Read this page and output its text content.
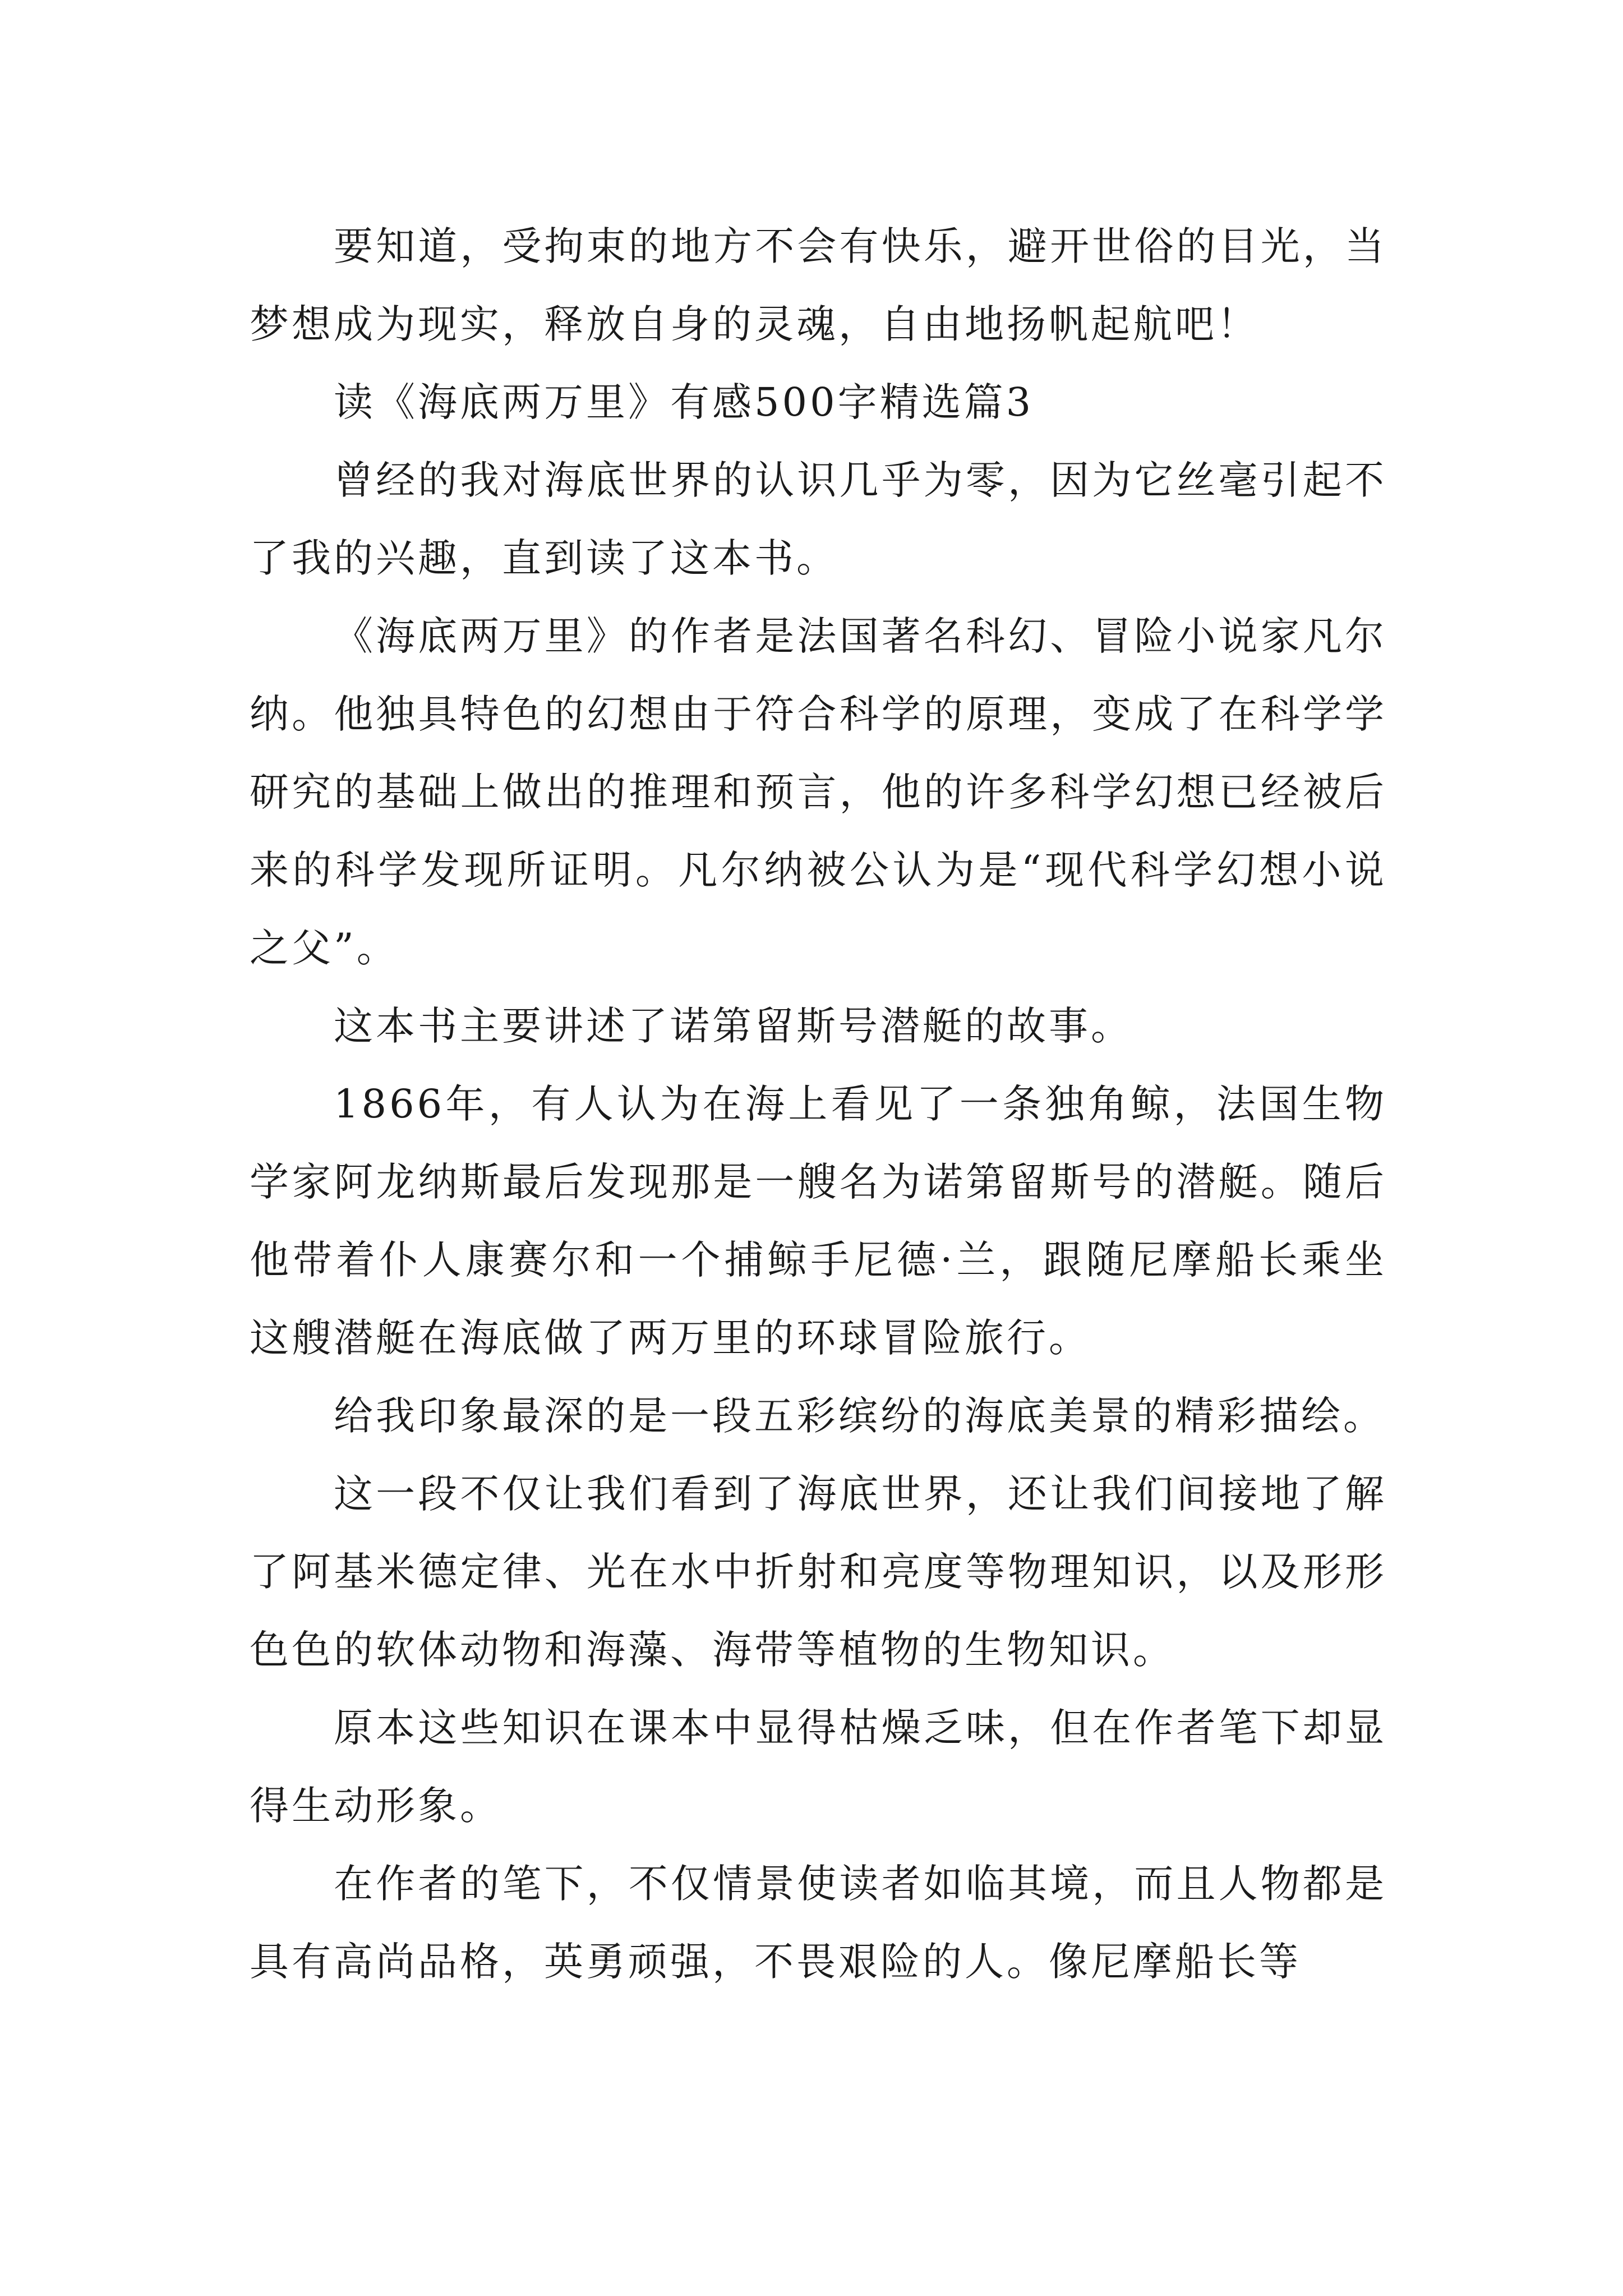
要知道，受拘束的地方不会有快乐，避开世俗的目光，当梦想成为现实，释放自身的灵魂，自由地扬帆起航吧！

读《海底两万里》有感500字精选篇3

曾经的我对海底世界的认识几乎为零，因为它丝毫引起不了我的兴趣，直到读了这本书。

《海底两万里》的作者是法国著名科幻、冒险小说家凡尔纳。他独具特色的幻想由于符合科学的原理，变成了在科学学研究的基础上做出的推理和预言，他的许多科学幻想已经被后来的科学发现所证明。凡尔纳被公认为是“现代科学幻想小说之父”。

这本书主要讲述了诺第留斯号潜艇的故事。

1866年，有人认为在海上看见了一条独角鲸，法国生物学家阿龙纳斯最后发现那是一艘名为诺第留斯号的潜艇。随后他带着仆人康赛尔和一个捕鲸手尼德·兰，跟随尼摩船长乘坐这艘潜艇在海底做了两万里的环球冒险旅行。

给我印象最深的是一段五彩缤纷的海底美景的精彩描绘。

这一段不仅让我们看到了海底世界，还让我们间接地了解了阿基米德定律、光在水中折射和亮度等物理知识，以及形形色色的软体动物和海藻、海带等植物的生物知识。

原本这些知识在课本中显得枯燥乏味，但在作者笔下却显得生动形象。

在作者的笔下，不仅情景使读者如临其境，而且人物都是具有高尚品格，英勇顽强，不畏艰险的人。像尼摩船长等
